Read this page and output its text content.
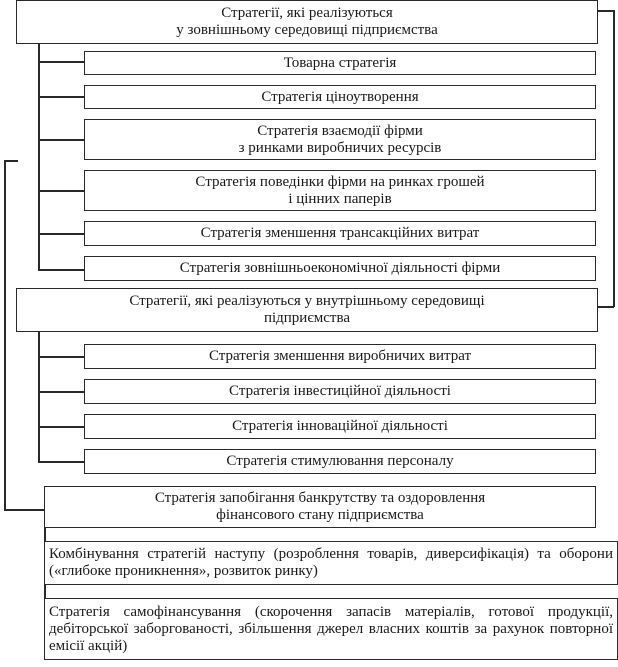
Стратегії, які реалізуються
у зовнішньому середовищі підприємства
Товарна стратегія
Стратегія ціноутворення
Стратегія взаємодії фірми
з ринками виробничих ресурсів
Стратегія поведінки фірми на ринках грошей
і цінних паперів
Стратегія зменшення трансакційних витрат
Стратегія зовнішньоекономічної діяльності фірми
Стратегії, які реалізуються у внутрішньому середовищі
підприємства
Стратегія зменшення виробничих витрат
Стратегія інвестиційної діяльності
Стратегія інноваційної діяльності
Стратегія стимулювання персоналу
Стратегія запобігання банкрутству та оздоровлення
фінансового стану підприємства
Комбінування стратегій наступу (розроблення товарів, диверсифікація) та оборони («глибоке проникнення», розвиток ринку)
Стратегія самофінансування (скорочення запасів матеріалів, готової продукції, дебіторської заборгованості, збільшення джерел власних коштів за рахунок повторної емісії акцій)
